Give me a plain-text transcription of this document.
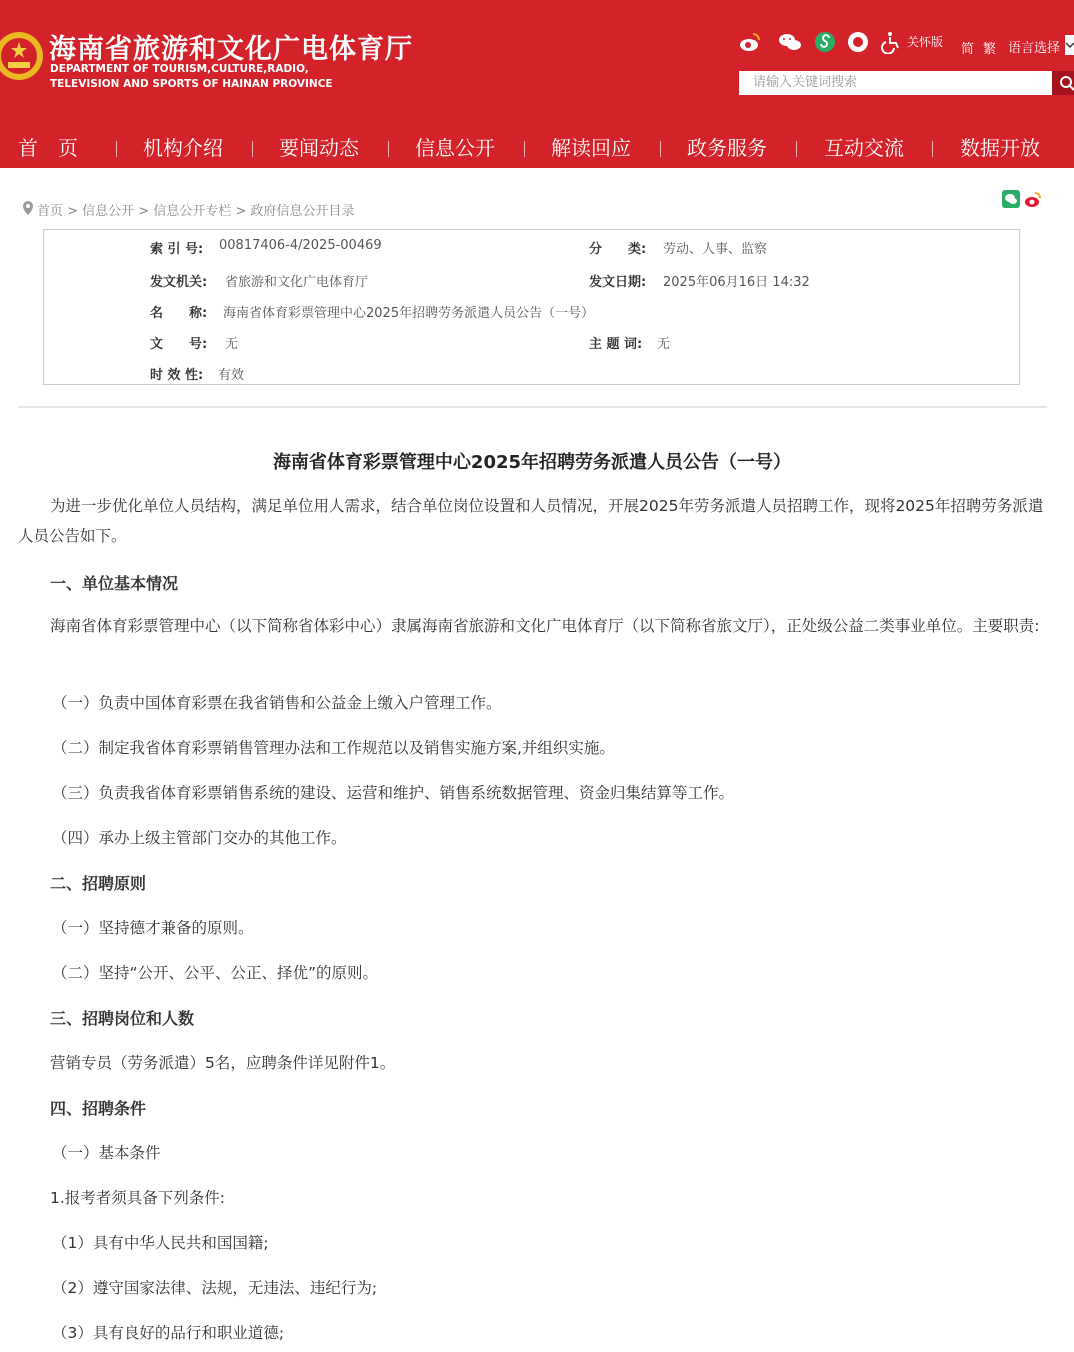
海南省旅游和文化广电体育厅
DEPARTMENT OF TOURISM,CULTURE,RADIO,
TELEVISION AND SPORTS OF HAINAN PROVINCE
关怀版 简 繁 语言选择
请输入关键词搜索
首　页	机构介绍	要闻动态	信息公开	解读回应	政务服务	互动交流	数据开放
首页 > 信息公开 > 信息公开专栏 > 政府信息公开目录
索 引 号: 00817406-4/2025-00469	分　　类: 劳动、人事、监察
发文机关: 省旅游和文化广电体育厅	发文日期: 2025年06月16日 14:32
名　　称: 海南省体育彩票管理中心2025年招聘劳务派遣人员公告（一号）
文　　号: 无	主 题 词: 无
时 效 性: 有效
海南省体育彩票管理中心2025年招聘劳务派遣人员公告（一号）
为进一步优化单位人员结构，满足单位用人需求，结合单位岗位设置和人员情况，开展2025年劳务派遣人员招聘工作，现将2025年招聘劳务派遣人员公告如下。
一、单位基本情况
海南省体育彩票管理中心（以下简称省体彩中心）隶属海南省旅游和文化广电体育厅（以下简称省旅文厅），正处级公益二类事业单位。主要职责:
（一）负责中国体育彩票在我省销售和公益金上缴入户管理工作。
（二）制定我省体育彩票销售管理办法和工作规范以及销售实施方案,并组织实施。
（三）负责我省体育彩票销售系统的建设、运营和维护、销售系统数据管理、资金归集结算等工作。
（四）承办上级主管部门交办的其他工作。
二、招聘原则
（一）坚持德才兼备的原则。
（二）坚持“公开、公平、公正、择优”的原则。
三、招聘岗位和人数
营销专员（劳务派遣）5名，应聘条件详见附件1。
四、招聘条件
（一）基本条件
1.报考者须具备下列条件:
（1）具有中华人民共和国国籍;
（2）遵守国家法律、法规，无违法、违纪行为;
（3）具有良好的品行和职业道德;
